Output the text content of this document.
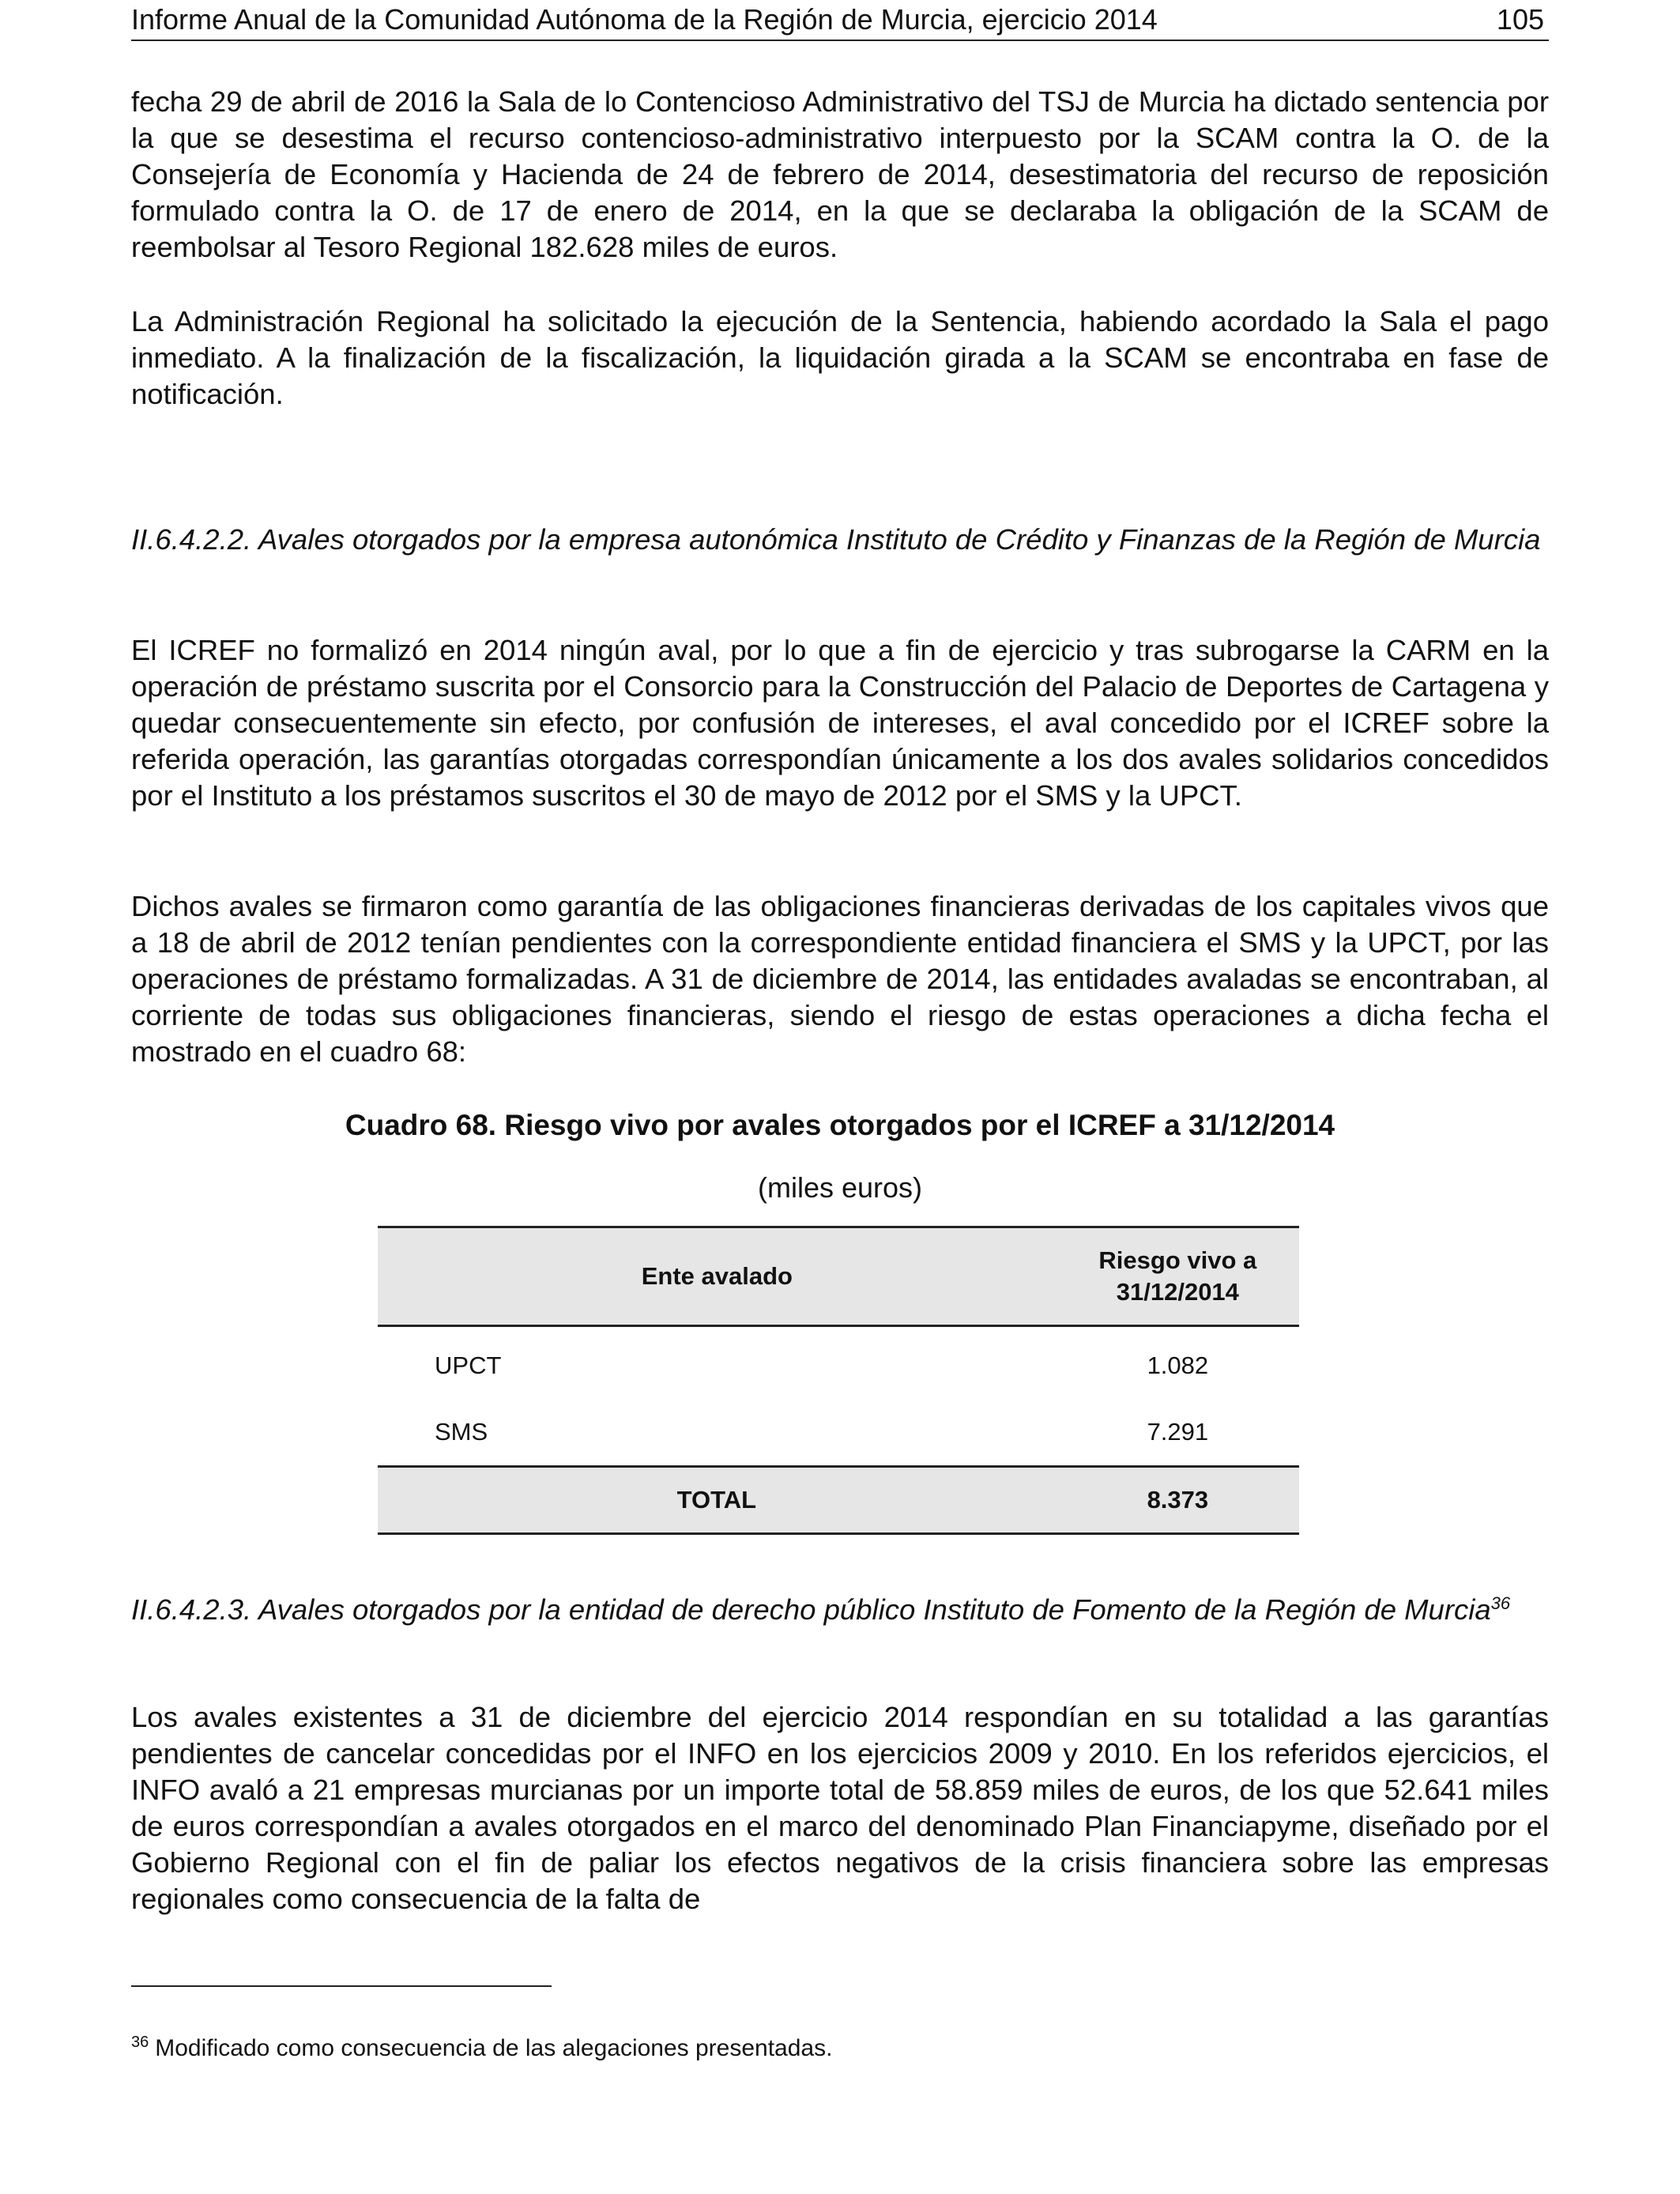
Informe Anual de la Comunidad Autónoma de la Región de Murcia, ejercicio 2014	105

fecha 29 de abril de 2016 la Sala de lo Contencioso Administrativo del TSJ de Murcia ha dictado sentencia por la que se desestima el recurso contencioso-administrativo interpuesto por la SCAM contra la O. de la Consejería de Economía y Hacienda de 24 de febrero de 2014, desestimatoria del recurso de reposición formulado contra la O. de 17 de enero de 2014, en la que se declaraba la obligación de la SCAM de reembolsar al Tesoro Regional 182.628 miles de euros.

La Administración Regional ha solicitado la ejecución de la Sentencia, habiendo acordado la Sala el pago inmediato. A la finalización de la fiscalización, la liquidación girada a la SCAM se encontraba en fase de notificación.

II.6.4.2.2. Avales otorgados por la empresa autonómica Instituto de Crédito y Finanzas de la Región de Murcia

El ICREF no formalizó en 2014 ningún aval, por lo que a fin de ejercicio y tras subrogarse la CARM en la operación de préstamo suscrita por el Consorcio para la Construcción del Palacio de Deportes de Cartagena y quedar consecuentemente sin efecto, por confusión de intereses, el aval concedido por el ICREF sobre la referida operación, las garantías otorgadas correspondían únicamente a los dos avales solidarios concedidos por el Instituto a los préstamos suscritos el 30 de mayo de 2012 por el SMS y la UPCT.

Dichos avales se firmaron como garantía de las obligaciones financieras derivadas de los capitales vivos que a 18 de abril de 2012 tenían pendientes con la correspondiente entidad financiera el SMS y la UPCT, por las operaciones de préstamo formalizadas. A 31 de diciembre de 2014, las entidades avaladas se encontraban, al corriente de todas sus obligaciones financieras, siendo el riesgo de estas operaciones a dicha fecha el mostrado en el cuadro 68:

Cuadro 68. Riesgo vivo por avales otorgados por el ICREF a 31/12/2014
(miles euros)
Ente avalado	Riesgo vivo a
31/12/2014
UPCT	1.082
SMS	7.291
TOTAL	8.373

II.6.4.2.3. Avales otorgados por la entidad de derecho público Instituto de Fomento de la Región de Murcia$^{36}$

Los avales existentes a 31 de diciembre del ejercicio 2014 respondían en su totalidad a las garantías pendientes de cancelar concedidas por el INFO en los ejercicios 2009 y 2010. En los referidos ejercicios, el INFO avaló a 21 empresas murcianas por un importe total de 58.859 miles de euros, de los que 52.641 miles de euros correspondían a avales otorgados en el marco del denominado Plan Financiapyme, diseñado por el Gobierno Regional con el fin de paliar los efectos negativos de la crisis financiera sobre las empresas regionales como consecuencia de la falta de

$^{36}$ Modificado como consecuencia de las alegaciones presentadas.
